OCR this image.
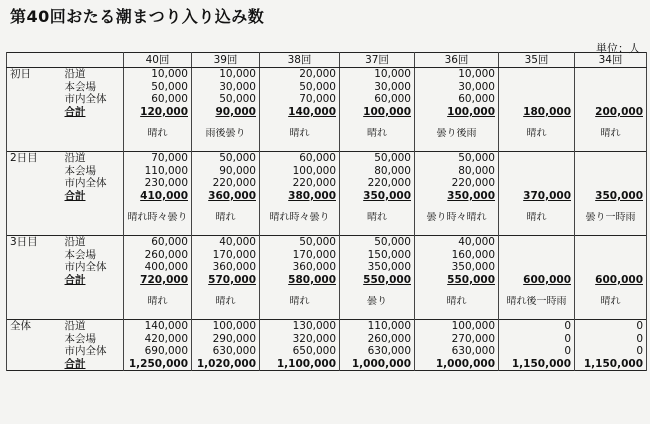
第40回おたる潮まつり入り込み数
単位：人
		40回	39回	38回	37回	36回	35回	34回
初日	沿道	10,000	10,000	20,000	10,000	10,000		
	本会場	50,000	30,000	50,000	30,000	30,000		
	市内全体	60,000	50,000	70,000	60,000	60,000		
	合計	120,000	90,000	140,000	100,000	100,000	180,000	200,000

		晴れ	雨後曇り	晴れ	晴れ	曇り後雨	晴れ	晴れ

2日目	沿道	70,000	50,000	60,000	50,000	50,000		
	本会場	110,000	90,000	100,000	80,000	80,000		
	市内全体	230,000	220,000	220,000	220,000	220,000		
	合計	410,000	360,000	380,000	350,000	350,000	370,000	350,000

		晴れ時々曇り	晴れ	晴れ時々曇り	晴れ	曇り時々晴れ	晴れ	曇り一時雨

3日目	沿道	60,000	40,000	50,000	50,000	40,000		
	本会場	260,000	170,000	170,000	150,000	160,000		
	市内全体	400,000	360,000	360,000	350,000	350,000		
	合計	720,000	570,000	580,000	550,000	550,000	600,000	600,000

		晴れ	晴れ	晴れ	曇り	晴れ	晴れ後一時雨	晴れ

全体	沿道	140,000	100,000	130,000	110,000	100,000	0	0
	本会場	420,000	290,000	320,000	260,000	270,000	0	0
	市内全体	690,000	630,000	650,000	630,000	630,000	0	0
	合計	1,250,000	1,020,000	1,100,000	1,000,000	1,000,000	1,150,000	1,150,000
